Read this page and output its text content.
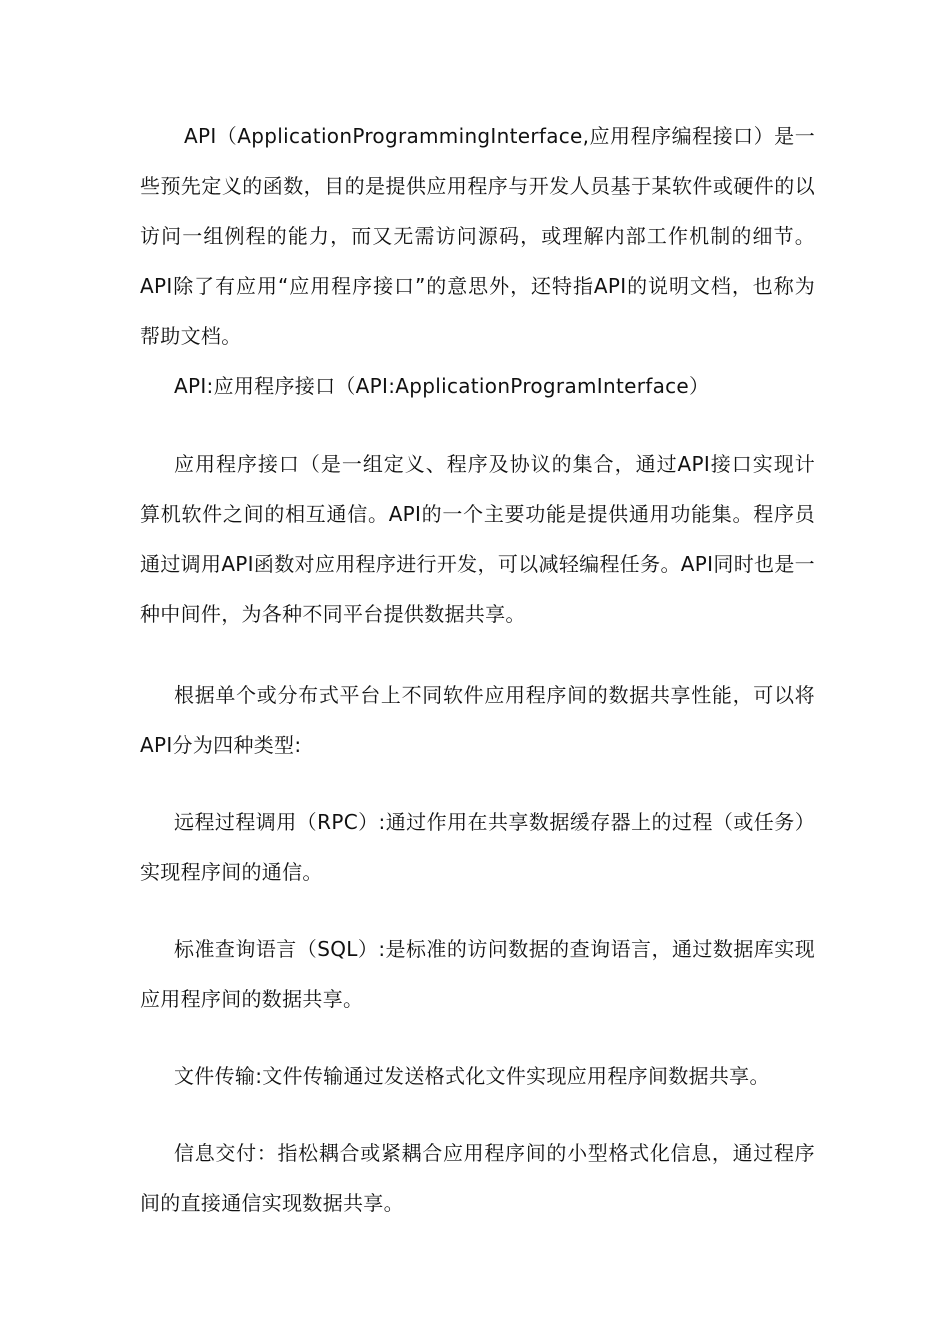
API（ApplicationProgrammingInterface,应用程序编程接口）是一些预先定义的函数，目的是提供应用程序与开发人员基于某软件或硬件的以访问一组例程的能力，而又无需访问源码，或理解内部工作机制的细节。API除了有应用“应用程序接口”的意思外，还特指API的说明文档，也称为帮助文档。

API:应用程序接口（API:ApplicationProgramInterface）

应用程序接口（是一组定义、程序及协议的集合，通过API接口实现计算机软件之间的相互通信。API的一个主要功能是提供通用功能集。程序员通过调用API函数对应用程序进行开发，可以减轻编程任务。API同时也是一种中间件，为各种不同平台提供数据共享。

根据单个或分布式平台上不同软件应用程序间的数据共享性能，可以将API分为四种类型:

远程过程调用（RPC）:通过作用在共享数据缓存器上的过程（或任务）实现程序间的通信。

标准查询语言（SQL）:是标准的访问数据的查询语言，通过数据库实现应用程序间的数据共享。

文件传输:文件传输通过发送格式化文件实现应用程序间数据共享。

信息交付：指松耦合或紧耦合应用程序间的小型格式化信息，通过程序间的直接通信实现数据共享。
